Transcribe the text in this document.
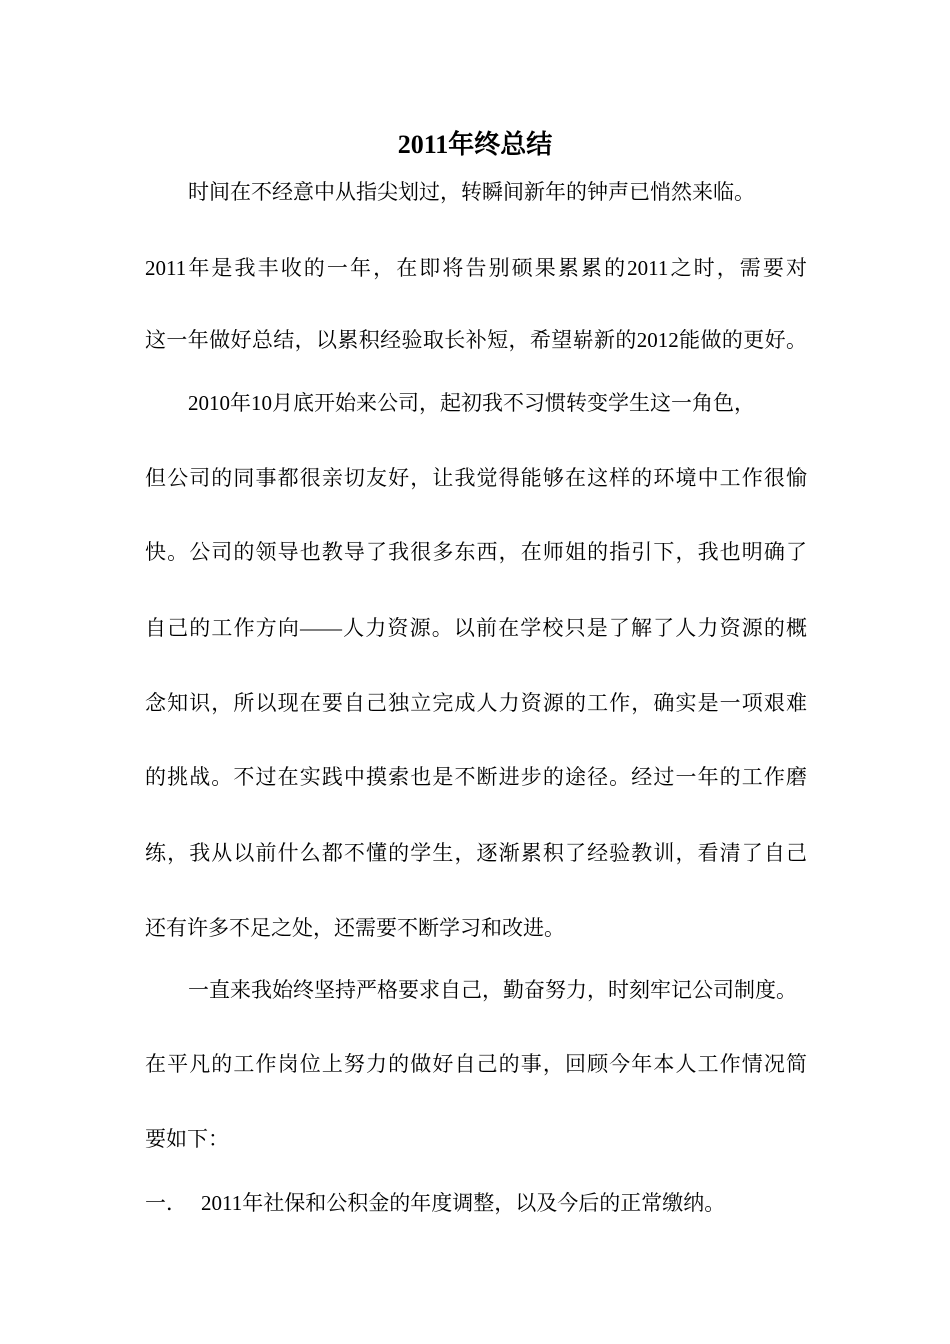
2011年终总结
时间在不经意中从指尖划过，转瞬间新年的钟声已悄然来临。
2011年是我丰收的一年，在即将告别硕果累累的2011之时，需要对
这一年做好总结，以累积经验取长补短，希望崭新的2012能做的更好。
2010年10月底开始来公司，起初我不习惯转变学生这一角色，
但公司的同事都很亲切友好，让我觉得能够在这样的环境中工作很愉
快。公司的领导也教导了我很多东西，在师姐的指引下，我也明确了
自己的工作方向——人力资源。以前在学校只是了解了人力资源的概
念知识，所以现在要自己独立完成人力资源的工作，确实是一项艰难
的挑战。不过在实践中摸索也是不断进步的途径。经过一年的工作磨
练，我从以前什么都不懂的学生，逐渐累积了经验教训，看清了自己
还有许多不足之处，还需要不断学习和改进。
一直来我始终坚持严格要求自己，勤奋努力，时刻牢记公司制度。
在平凡的工作岗位上努力的做好自己的事，回顾今年本人工作情况简
要如下：
一． 2011年社保和公积金的年度调整，以及今后的正常缴纳。
